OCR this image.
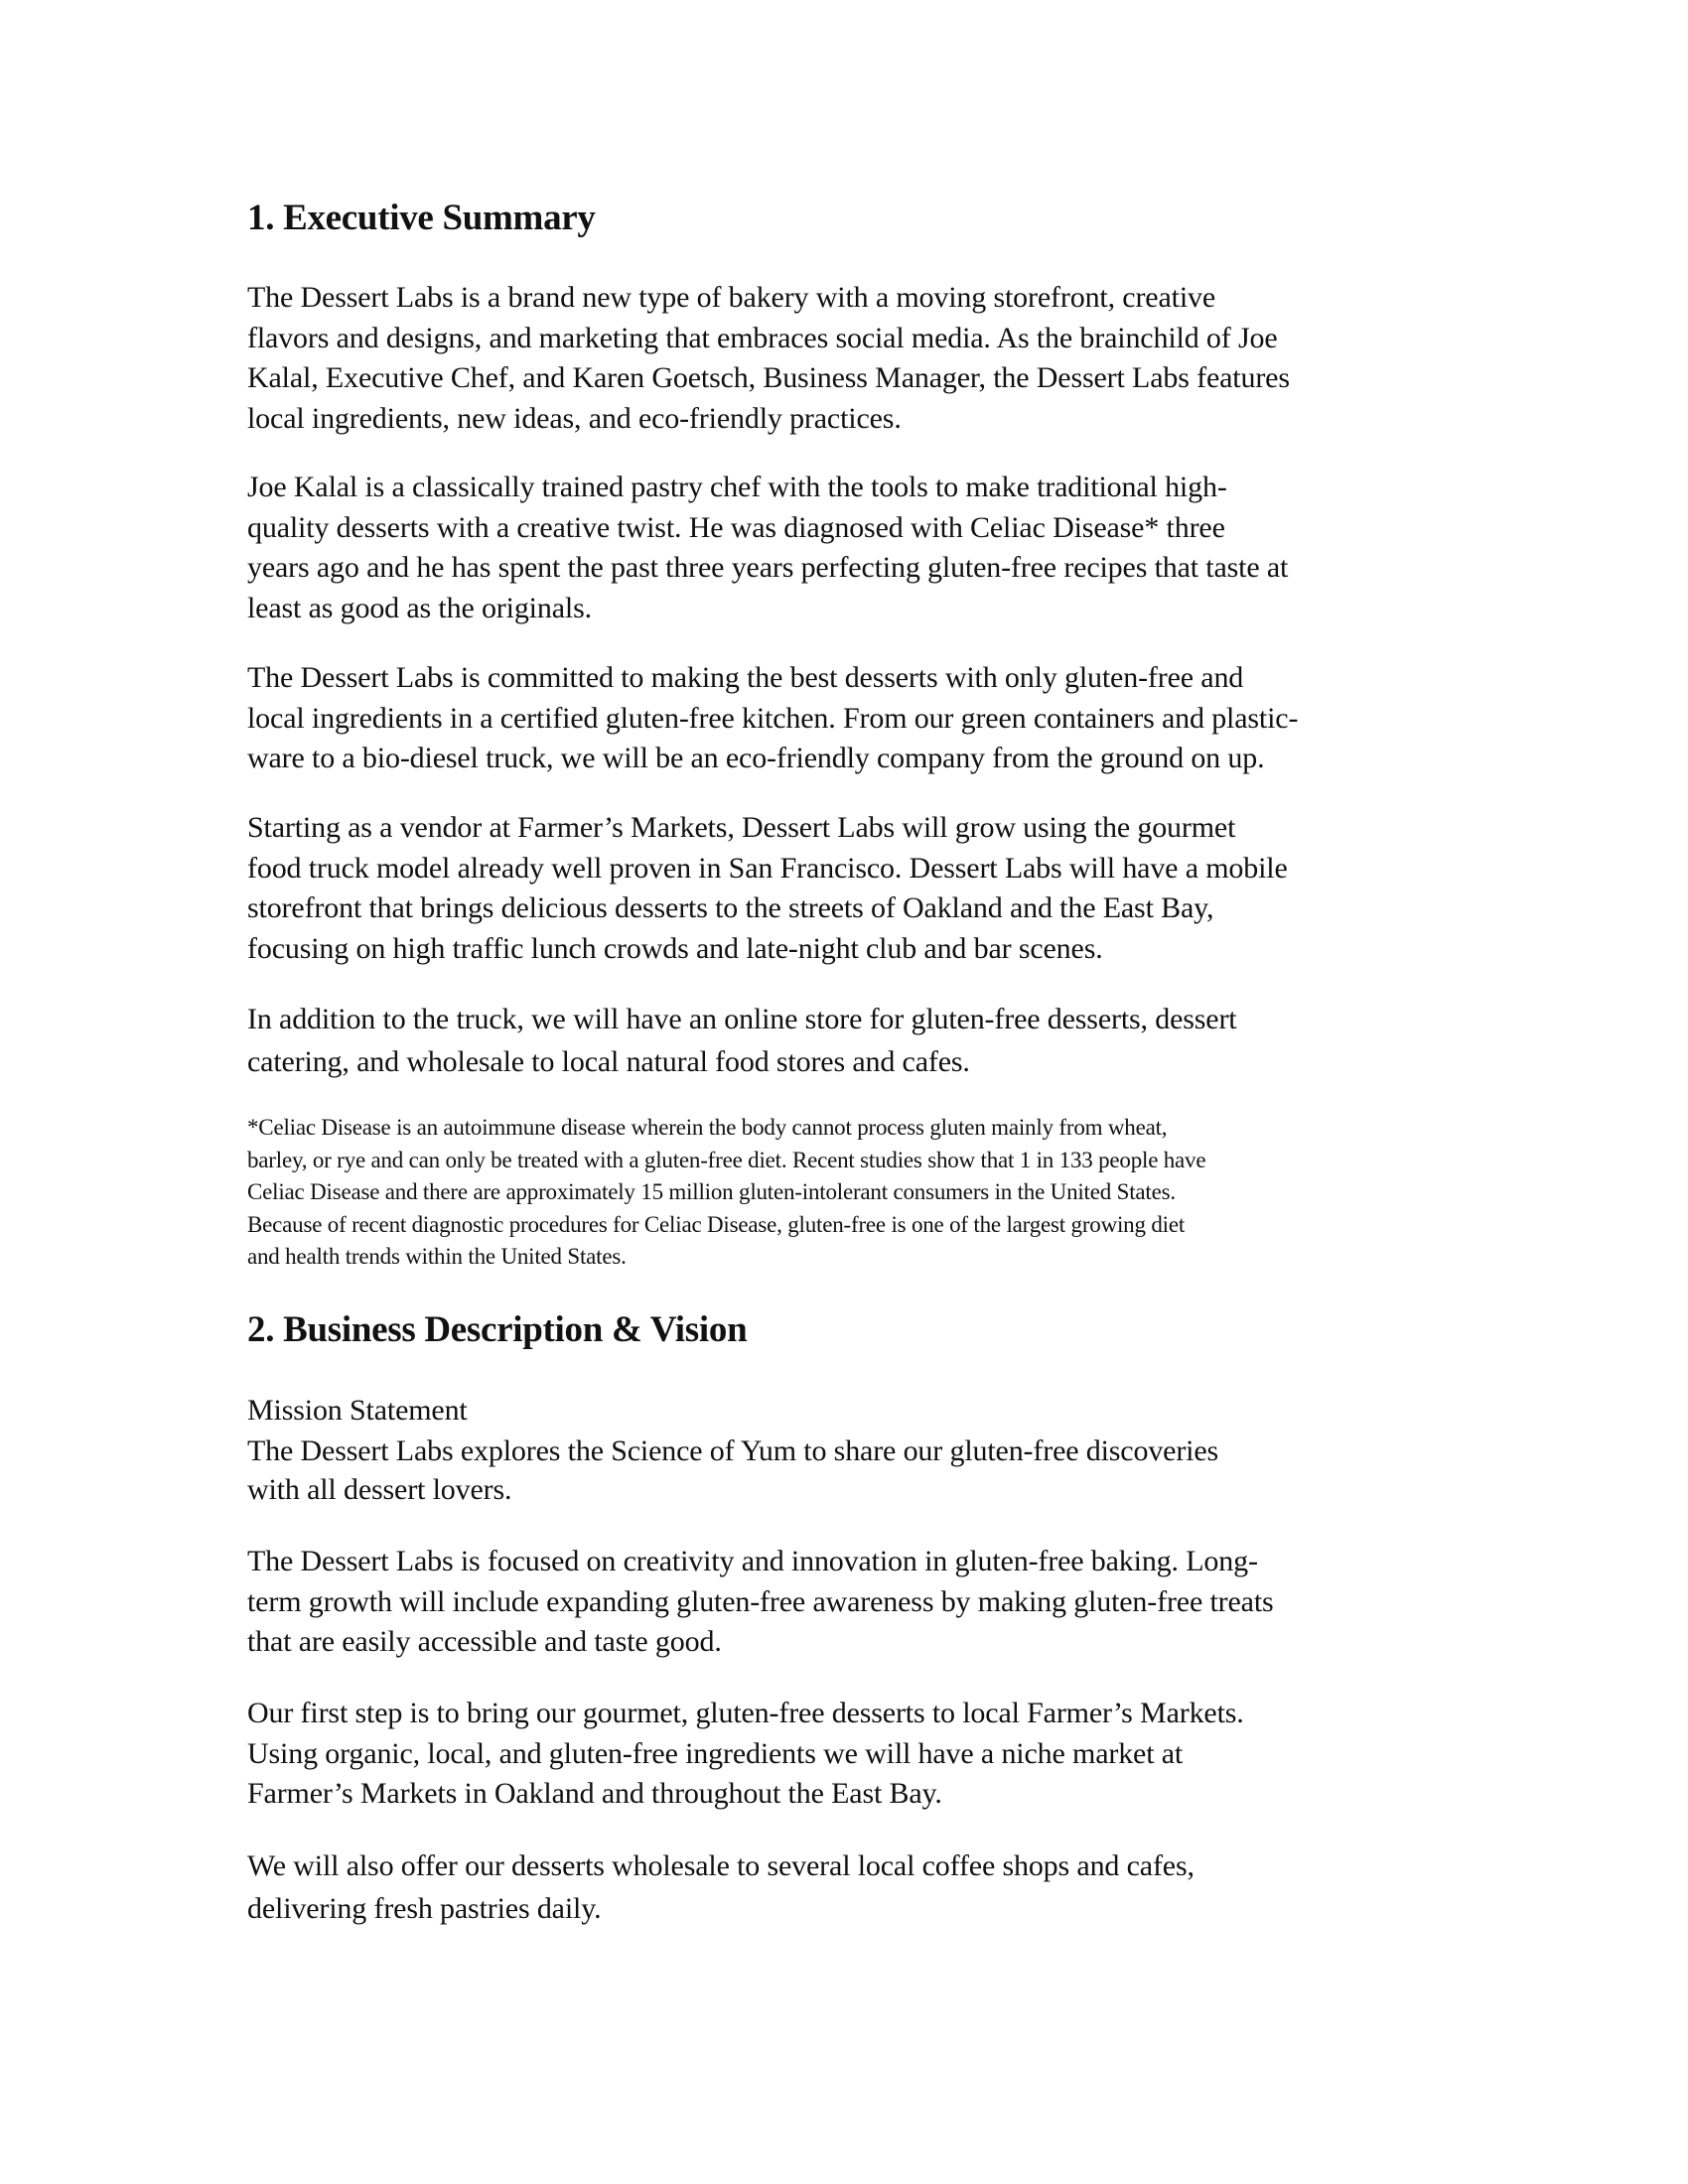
1. Executive Summary

The Dessert Labs is a brand new type of bakery with a moving storefront, creative
flavors and designs, and marketing that embraces social media. As the brainchild of Joe
Kalal, Executive Chef, and Karen Goetsch, Business Manager, the Dessert Labs features
local ingredients, new ideas, and eco-friendly practices.

Joe Kalal is a classically trained pastry chef with the tools to make traditional high-
quality desserts with a creative twist. He was diagnosed with Celiac Disease* three
years ago and he has spent the past three years perfecting gluten-free recipes that taste at
least as good as the originals.

The Dessert Labs is committed to making the best desserts with only gluten-free and
local ingredients in a certified gluten-free kitchen. From our green containers and plastic-
ware to a bio-diesel truck, we will be an eco-friendly company from the ground on up.

Starting as a vendor at Farmer’s Markets, Dessert Labs will grow using the gourmet
food truck model already well proven in San Francisco. Dessert Labs will have a mobile
storefront that brings delicious desserts to the streets of Oakland and the East Bay,
focusing on high traffic lunch crowds and late-night club and bar scenes.

In addition to the truck, we will have an online store for gluten-free desserts, dessert
catering, and wholesale to local natural food stores and cafes.

*Celiac Disease is an autoimmune disease wherein the body cannot process gluten mainly from wheat,
barley, or rye and can only be treated with a gluten-free diet. Recent studies show that 1 in 133 people have
Celiac Disease and there are approximately 15 million gluten-intolerant consumers in the United States.
Because of recent diagnostic procedures for Celiac Disease, gluten-free is one of the largest growing diet
and health trends within the United States.

2. Business Description & Vision

Mission Statement

The Dessert Labs explores the Science of Yum to share our gluten-free discoveries
with all dessert lovers.

The Dessert Labs is focused on creativity and innovation in gluten-free baking. Long-
term growth will include expanding gluten-free awareness by making gluten-free treats
that are easily accessible and taste good.

Our first step is to bring our gourmet, gluten-free desserts to local Farmer’s Markets.
Using organic, local, and gluten-free ingredients we will have a niche market at
Farmer’s Markets in Oakland and throughout the East Bay.

We will also offer our desserts wholesale to several local coffee shops and cafes,
delivering fresh pastries daily.
